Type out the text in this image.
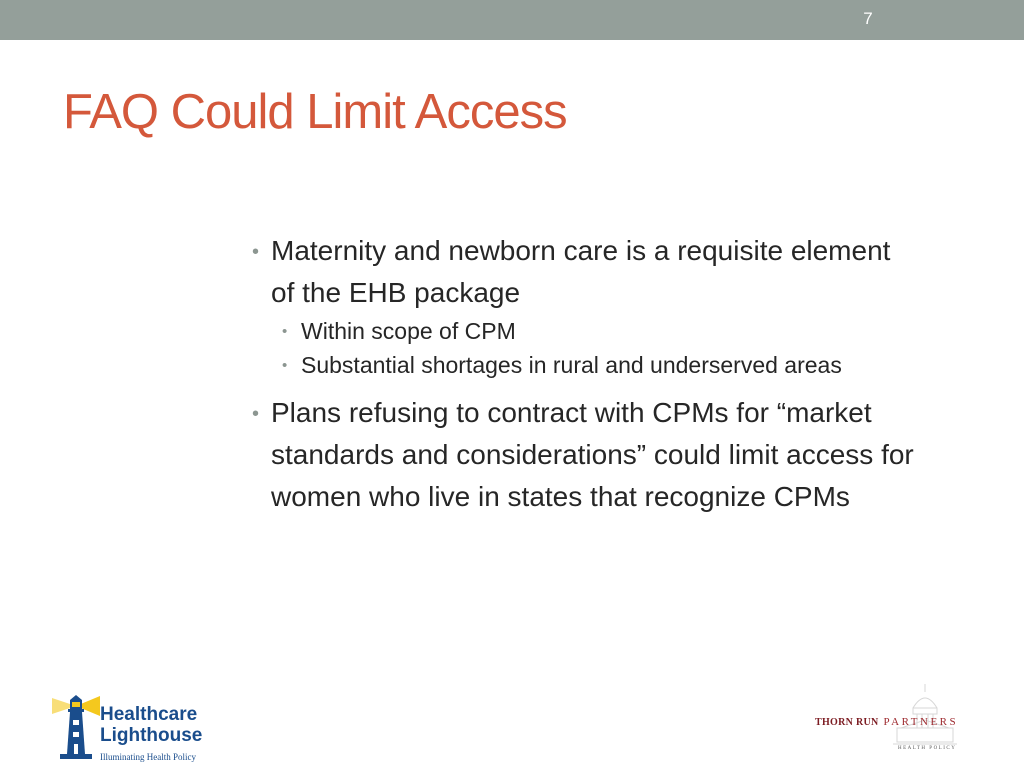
7
FAQ Could Limit Access
• Maternity and newborn care is a requisite element of the EHB package
• Within scope of CPM
• Substantial shortages in rural and underserved areas
• Plans refusing to contract with CPMs for “market standards and considerations” could limit access for women who live in states that recognize CPMs
Healthcare
Lighthouse
Illuminating Health Policy
THORN RUN PARTNERS
HEALTH POLICY
